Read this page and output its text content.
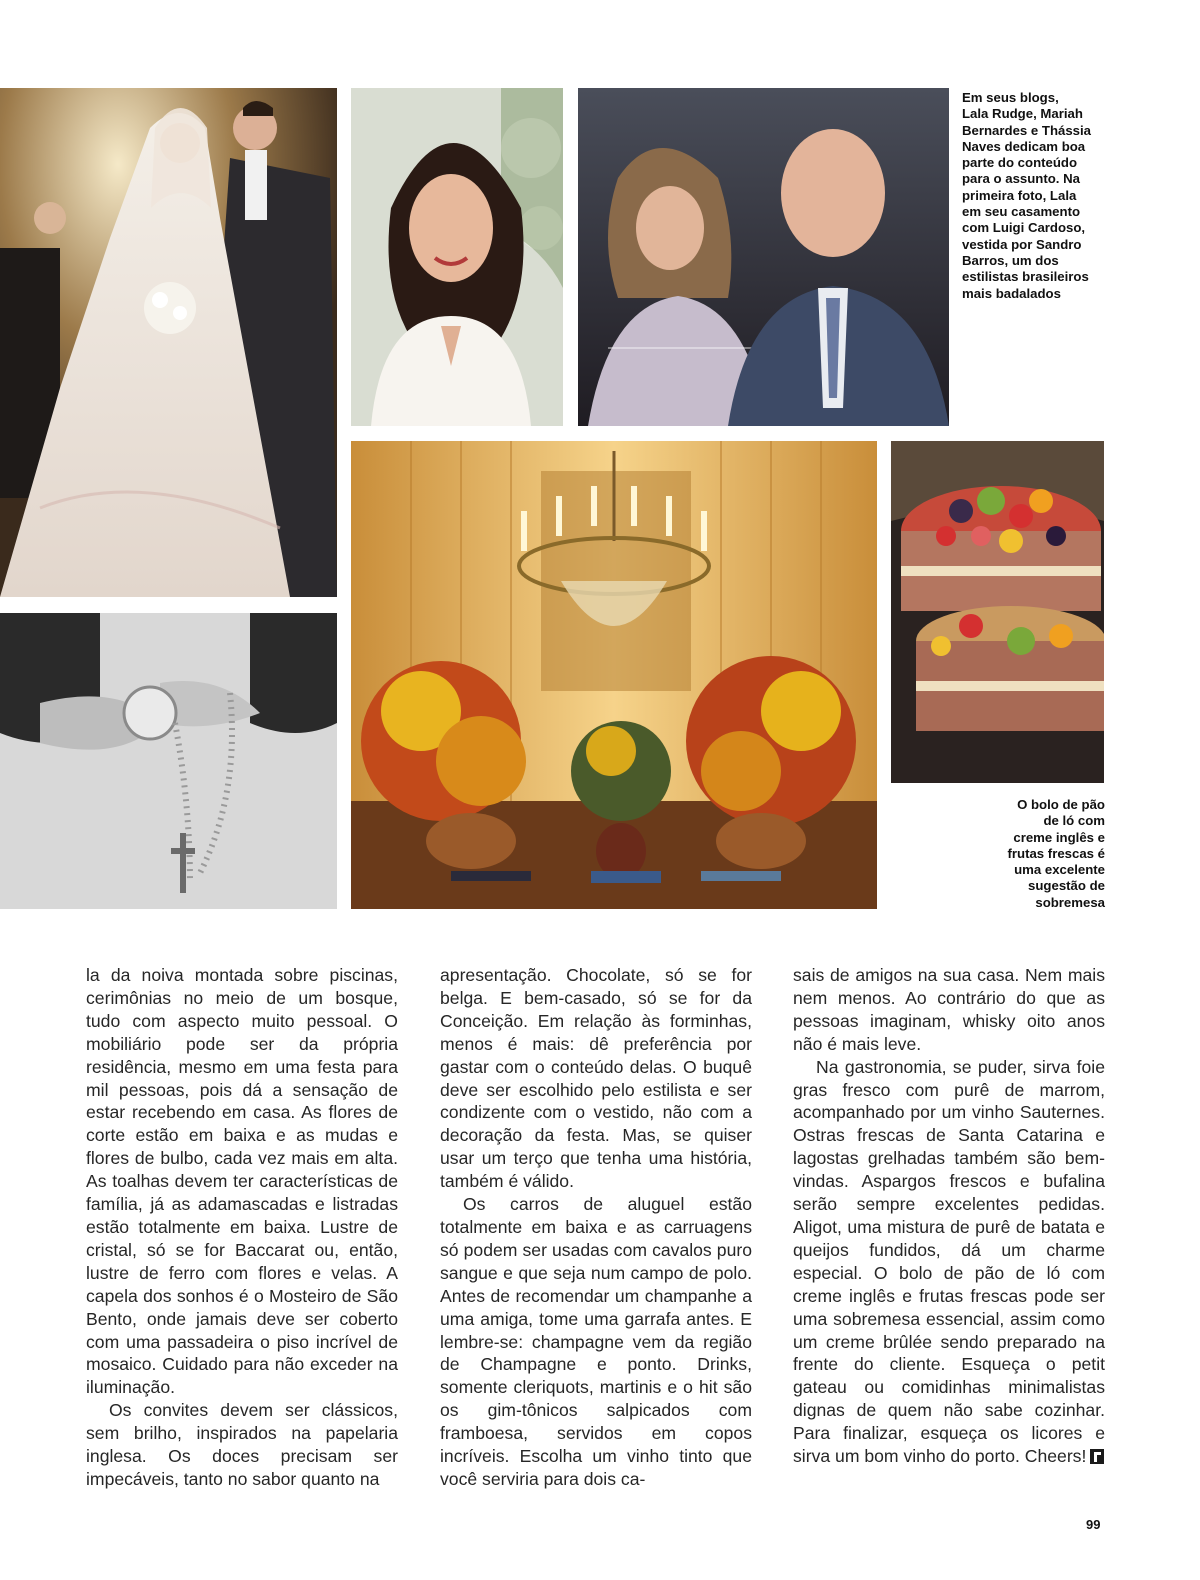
Em seus blogs,
Lala Rudge, Mariah
Bernardes e Thássia
Naves dedicam boa
parte do conteúdo
para o assunto. Na
primeira foto, Lala
em seu casamento
com Luigi Cardoso,
vestida por Sandro
Barros, um dos
estilistas brasileiros
mais badalados
O bolo de pão
de ló com
creme inglês e
frutas frescas é
uma excelente
sugestão de
sobremesa

la da noiva montada sobre piscinas, cerimônias no meio de um bosque, tudo com aspecto muito pessoal. O mobiliário pode ser da própria residência, mesmo em uma festa para mil pessoas, pois dá a sensação de estar recebendo em casa. As flores de corte estão em baixa e as mudas e flores de bulbo, cada vez mais em alta. As toalhas devem ter características de família, já as adamascadas e listradas estão totalmente em baixa. Lustre de cristal, só se for Baccarat ou, então, lustre de ferro com flores e velas. A capela dos sonhos é o Mosteiro de São Bento, onde jamais deve ser coberto com uma passadeira o piso incrível de mosaico. Cuidado para não exceder na iluminação.

Os convites devem ser clássicos, sem brilho, inspirados na papelaria inglesa. Os doces precisam ser impecáveis, tanto no sabor quanto na

apresentação. Chocolate, só se for belga. E bem-casado, só se for da Conceição. Em relação às forminhas, menos é mais: dê preferência por gastar com o conteúdo delas. O buquê deve ser escolhido pelo estilista e ser condizente com o vestido, não com a decoração da festa. Mas, se quiser usar um terço que tenha uma história, também é válido.

Os carros de aluguel estão totalmente em baixa e as carruagens só podem ser usadas com cavalos puro sangue e que seja num campo de polo. Antes de recomendar um champanhe a uma amiga, tome uma garrafa antes. E lembre-se: champagne vem da região de Champagne e ponto. Drinks, somente cleriquots, martinis e o hit são os gim-tônicos salpicados com framboesa, servidos em copos incríveis. Escolha um vinho tinto que você serviria para dois ca-

sais de amigos na sua casa. Nem mais nem menos. Ao contrário do que as pessoas imaginam, whisky oito anos não é mais leve.

Na gastronomia, se puder, sirva foie gras fresco com purê de marrom, acompanhado por um vinho Sauternes. Ostras frescas de Santa Catarina e lagostas grelhadas também são bem-vindas. Aspargos frescos e bufalina serão sempre excelentes pedidas. Aligot, uma mistura de purê de batata e queijos fundidos, dá um charme especial. O bolo de pão de ló com creme inglês e frutas frescas pode ser uma sobremesa essencial, assim como um creme brûlée sendo preparado na frente do cliente. Esqueça o petit gateau ou comidinhas minimalistas dignas de quem não sabe cozinhar. Para finalizar, esqueça os licores e sirva um bom vinho do porto. Cheers!

99
